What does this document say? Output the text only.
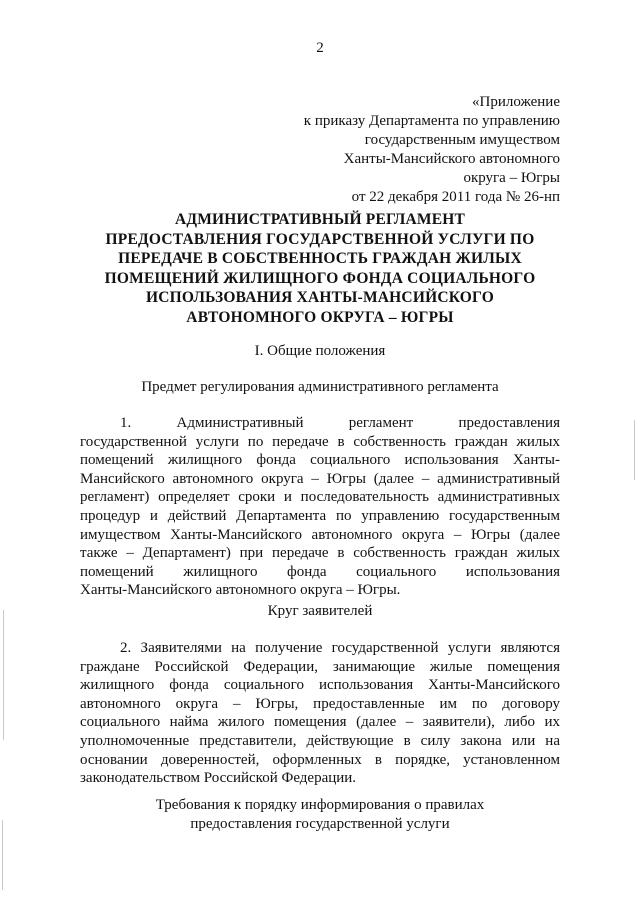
2
«Приложение
к приказу Департамента по управлению
государственным имуществом
Ханты-Мансийского автономного
округа – Югры
от 22 декабря 2011 года № 26-нп
АДМИНИСТРАТИВНЫЙ РЕГЛАМЕНТ
ПРЕДОСТАВЛЕНИЯ ГОСУДАРСТВЕННОЙ УСЛУГИ ПО
ПЕРЕДАЧЕ В СОБСТВЕННОСТЬ ГРАЖДАН ЖИЛЫХ
ПОМЕЩЕНИЙ ЖИЛИЩНОГО ФОНДА СОЦИАЛЬНОГО
ИСПОЛЬЗОВАНИЯ ХАНТЫ-МАНСИЙСКОГО
АВТОНОМНОГО ОКРУГА – ЮГРЫ
I. Общие положения
Предмет регулирования административного регламента
1. Административный регламент предоставления
государственной услуги по передаче в собственность граждан жилых
помещений жилищного фонда социального использования Ханты-
Мансийского автономного округа – Югры (далее – административный
регламент) определяет сроки и последовательность административных
процедур и действий Департамента по управлению государственным
имуществом Ханты-Мансийского автономного округа – Югры (далее
также – Департамент) при передаче в собственность граждан жилых
помещений жилищного фонда социального использования
Ханты-Мансийского автономного округа – Югры.
Круг заявителей
2. Заявителями на получение государственной услуги являются
граждане Российской Федерации, занимающие жилые помещения
жилищного фонда социального использования Ханты-Мансийского
автономного округа – Югры, предоставленные им по договору
социального найма жилого помещения (далее – заявители), либо их
уполномоченные представители, действующие в силу закона или на
основании доверенностей, оформленных в порядке, установленном
законодательством Российской Федерации.
Требования к порядку информирования о правилах
предоставления государственной услуги
